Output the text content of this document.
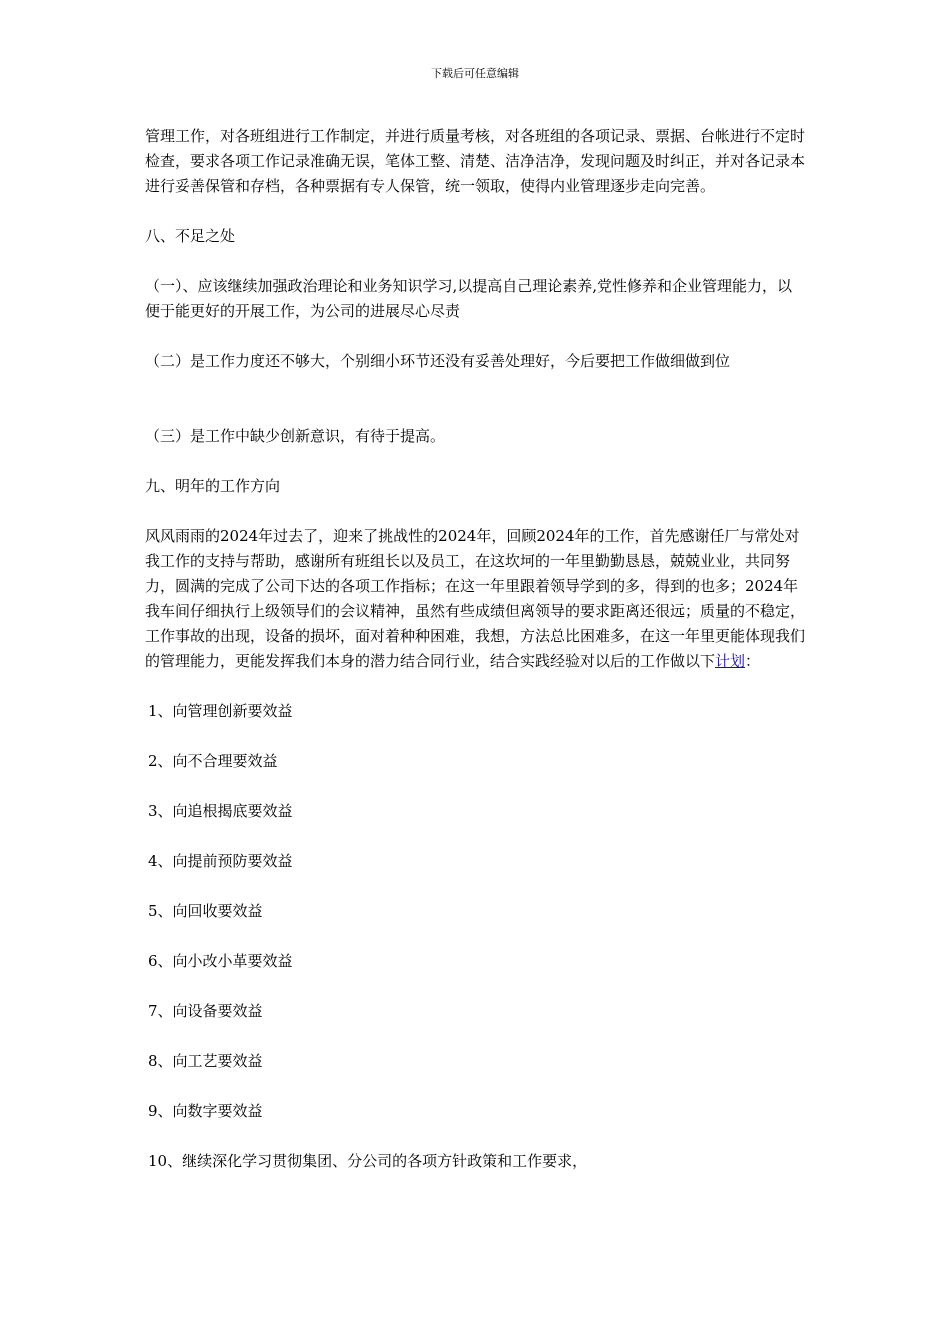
下载后可任意编辑

管理工作，对各班组进行工作制定，并进行质量考核，对各班组的各项记录、票据、台帐进行不定时检查，要求各项工作记录准确无误，笔体工整、清楚、洁净洁净，发现问题及时纠正，并对各记录本进行妥善保管和存档，各种票据有专人保管，统一领取，使得内业管理逐步走向完善。

八、不足之处

（一）、应该继续加强政治理论和业务知识学习,以提高自己理论素养,党性修养和企业管理能力，以便于能更好的开展工作，为公司的进展尽心尽责

（二）是工作力度还不够大，个别细小环节还没有妥善处理好，今后要把工作做细做到位

（三）是工作中缺少创新意识，有待于提高。

九、明年的工作方向

风风雨雨的2024年过去了，迎来了挑战性的2024年，回顾2024年的工作，首先感谢任厂与常处对我工作的支持与帮助，感谢所有班组长以及员工，在这坎坷的一年里勤勤恳恳，兢兢业业，共同努力，圆满的完成了公司下达的各项工作指标；在这一年里跟着领导学到的多，得到的也多；2024年我车间仔细执行上级领导们的会议精神，虽然有些成绩但离领导的要求距离还很远；质量的不稳定，工作事故的出现，设备的损坏，面对着种种困难，我想，方法总比困难多，在这一年里更能体现我们的管理能力，更能发挥我们本身的潜力结合同行业，结合实践经验对以后的工作做以下计划：

1、向管理创新要效益

2、向不合理要效益

3、向追根揭底要效益

4、向提前预防要效益

5、向回收要效益

6、向小改小革要效益

7、向设备要效益

8、向工艺要效益

9、向数字要效益

10、继续深化学习贯彻集团、分公司的各项方针政策和工作要求，
